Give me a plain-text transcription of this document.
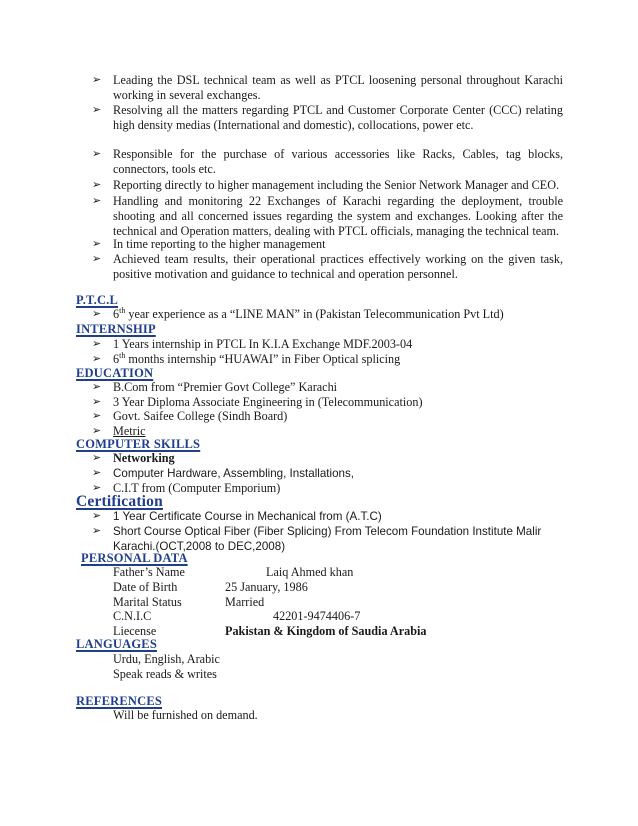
➢ Leading the DSL technical team as well as PTCL loosening personal throughout Karachi working in several exchanges.
➢ Resolving all the matters regarding PTCL and Customer Corporate Center (CCC) relating high density medias (International and domestic), collocations, power etc.
➢ Responsible for the purchase of various accessories like Racks, Cables, tag blocks, connectors, tools etc.
➢ Reporting directly to higher management including the Senior Network Manager and CEO.
➢ Handling and monitoring 22 Exchanges of Karachi regarding the deployment, trouble shooting and all concerned issues regarding the system and exchanges. Looking after the technical and Operation matters, dealing with PTCL officials, managing the technical team.
➢ In time reporting to the higher management
➢ Achieved team results, their operational practices effectively working on the given task, positive motivation and guidance to technical and operation personnel.
P.T.C.L
➢ 6th year experience as a “LINE MAN” in (Pakistan Telecommunication Pvt Ltd)
INTERNSHIP
➢ 1 Years internship in PTCL In K.I.A Exchange MDF.2003-04
➢ 6th months internship “HUAWAI” in Fiber Optical splicing
EDUCATION
➢ B.Com from “Premier Govt College” Karachi
➢ 3 Year Diploma Associate Engineering in (Telecommunication)
➢ Govt. Saifee College (Sindh Board)
➢ Metric
COMPUTER SKILLS
➢ Networking
➢ Computer Hardware, Assembling, Installations,
➢ C.I.T from (Computer Emporium)
Certification
➢ 1 Year Certificate Course in Mechanical from (A.T.C)
➢ Short Course Optical Fiber (Fiber Splicing) From Telecom Foundation Institute Malir Karachi.(OCT,2008 to DEC,2008)
PERSONAL DATA
Father’s Name	Laiq Ahmed khan
Date of Birth	25 January, 1986
Marital Status	Married
C.N.I.C	42201-9474406-7
Liecense	Pakistan & Kingdom of Saudia Arabia
LANGUAGES
Urdu, English, Arabic
Speak reads & writes
REFERENCES
Will be furnished on demand.
